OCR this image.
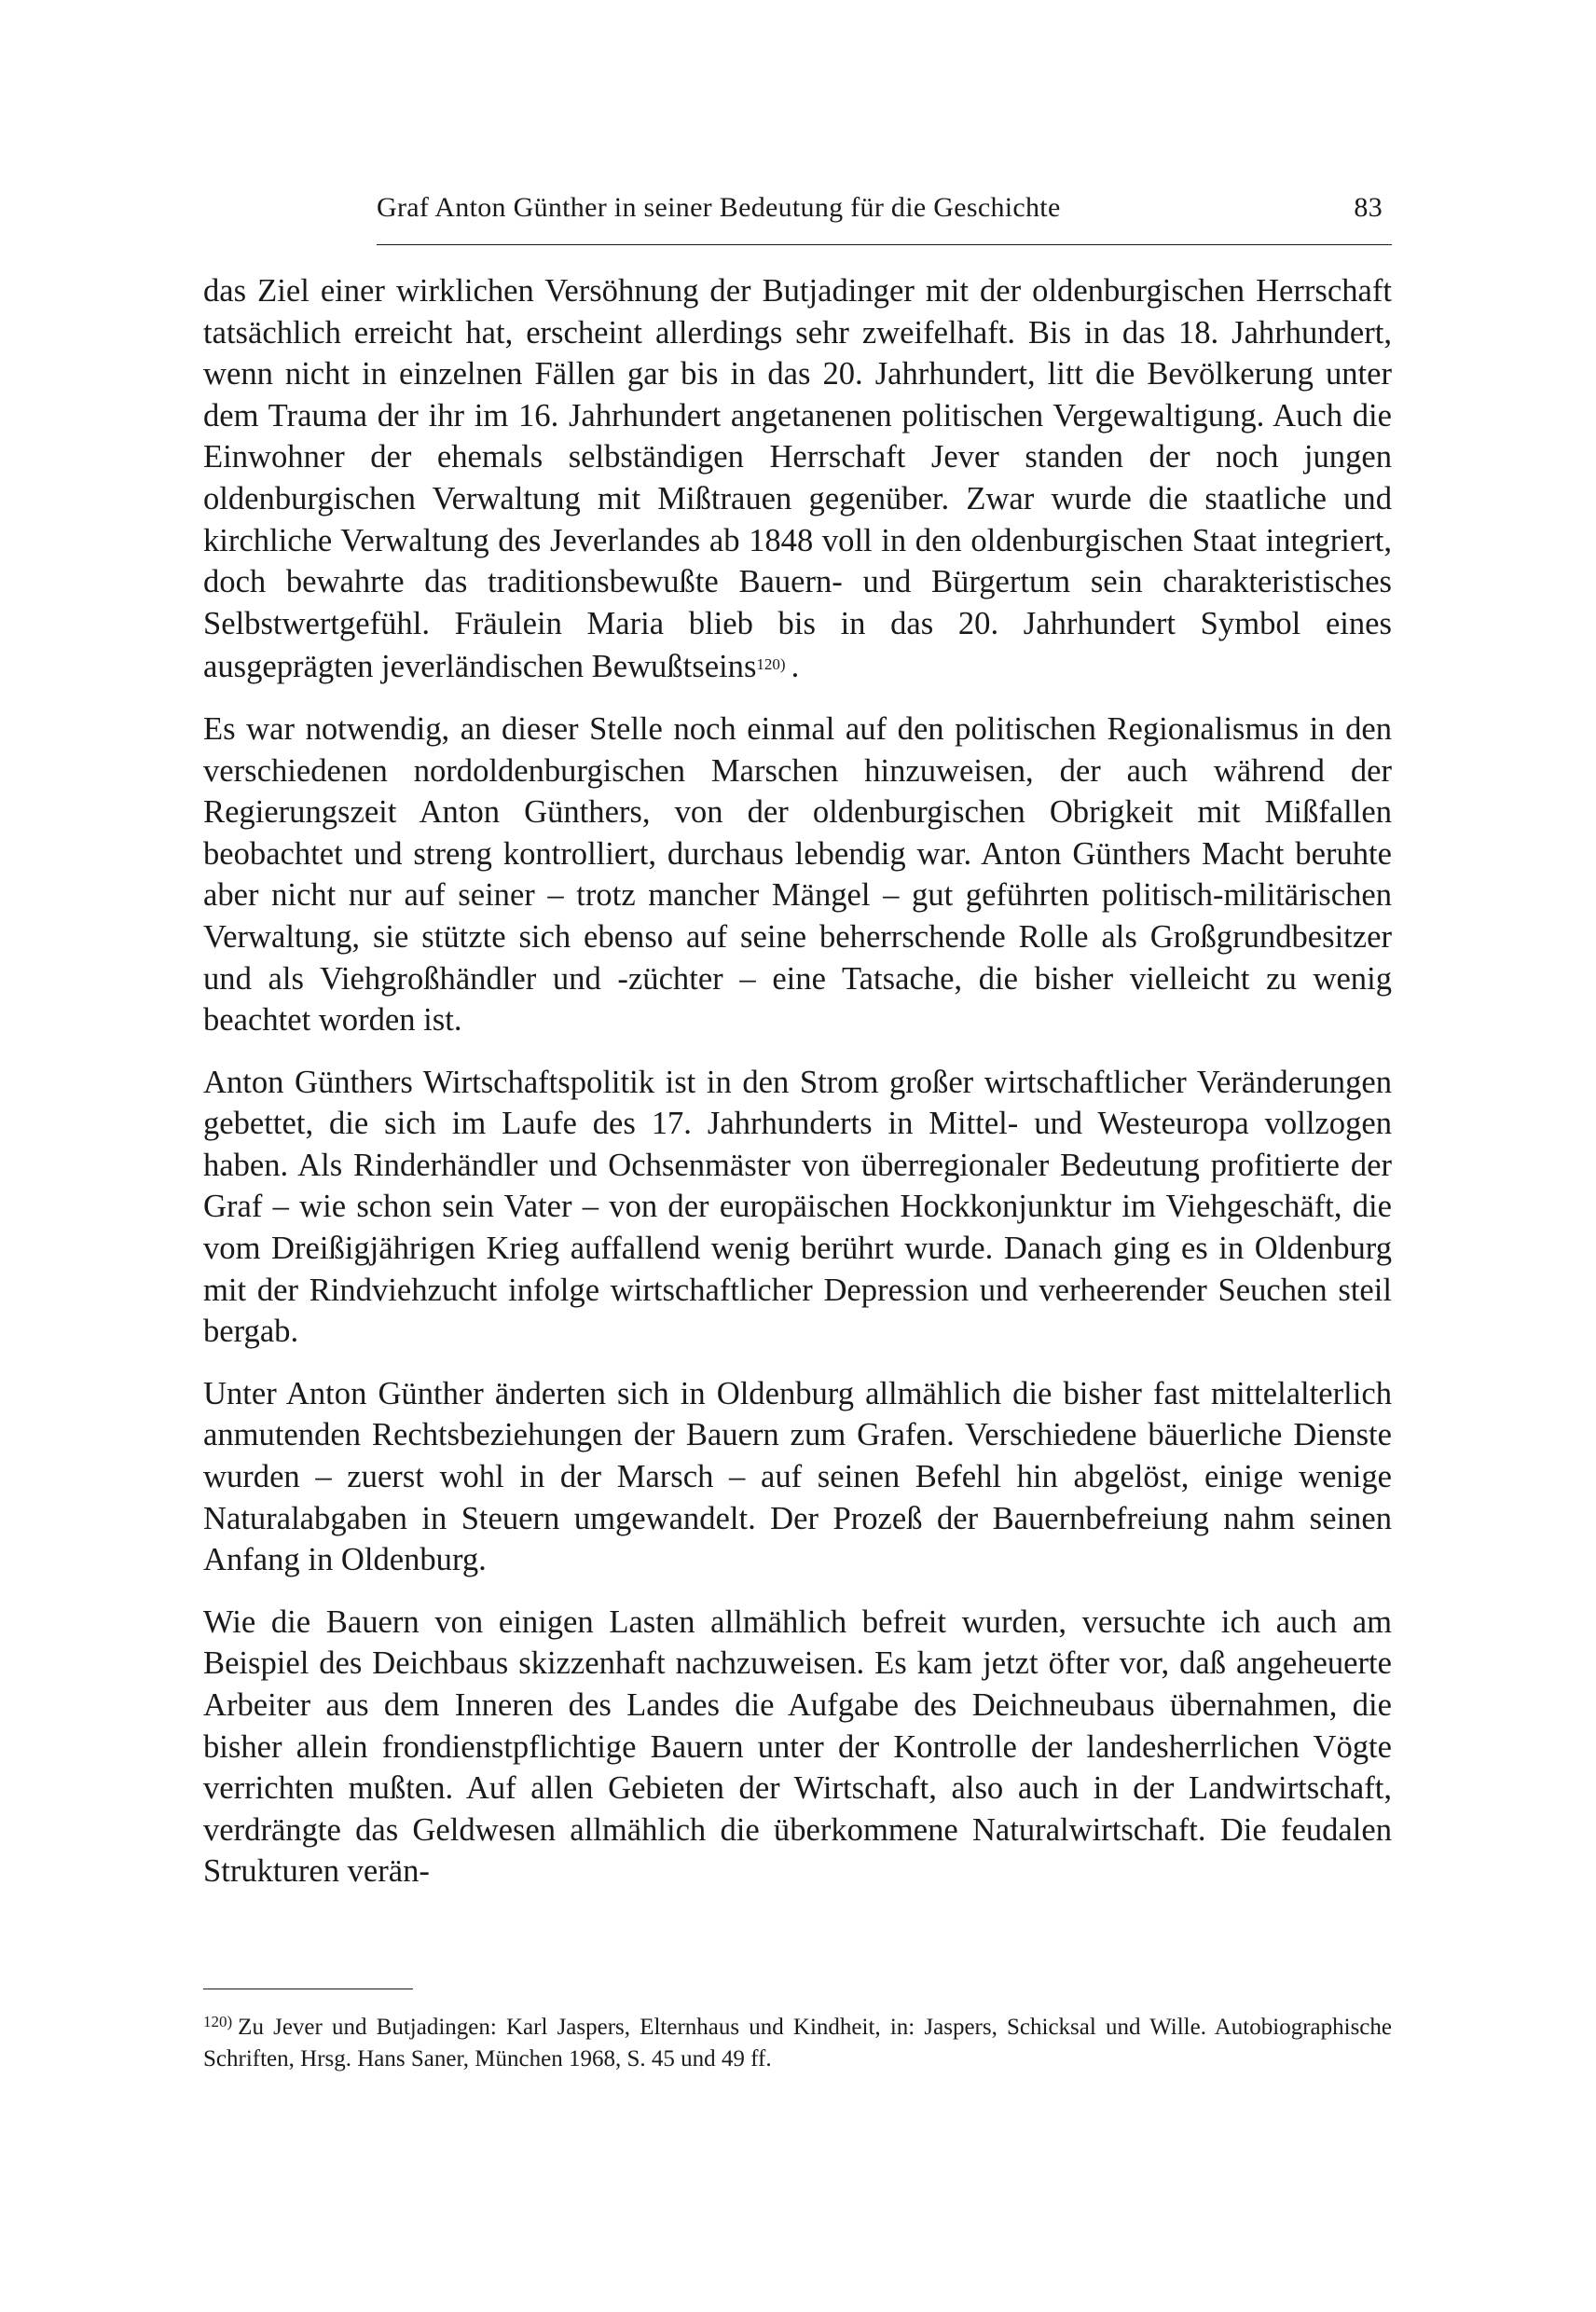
Graf Anton Günther in seiner Bedeutung für die Geschichte	83

das Ziel einer wirklichen Versöhnung der Butjadinger mit der oldenburgischen Herrschaft tatsächlich erreicht hat, erscheint allerdings sehr zweifelhaft. Bis in das 18. Jahrhundert, wenn nicht in einzelnen Fällen gar bis in das 20. Jahrhundert, litt die Bevölkerung unter dem Trauma der ihr im 16. Jahrhundert angetanenen politischen Vergewaltigung. Auch die Einwohner der ehemals selbständigen Herrschaft Jever standen der noch jungen oldenburgischen Verwaltung mit Mißtrauen gegenüber. Zwar wurde die staatliche und kirchliche Verwaltung des Jeverlandes ab 1848 voll in den oldenburgischen Staat integriert, doch bewahrte das traditionsbewußte Bauern- und Bürgertum sein charakteristisches Selbstwertgefühl. Fräulein Maria blieb bis in das 20. Jahrhundert Symbol eines ausgeprägten jeverländischen Bewußtseins$^{120)}$ .

Es war notwendig, an dieser Stelle noch einmal auf den politischen Regionalismus in den verschiedenen nordoldenburgischen Marschen hinzuweisen, der auch während der Regierungszeit Anton Günthers, von der oldenburgischen Obrigkeit mit Mißfallen beobachtet und streng kontrolliert, durchaus lebendig war. Anton Günthers Macht beruhte aber nicht nur auf seiner – trotz mancher Mängel – gut geführten politisch-militärischen Verwaltung, sie stützte sich ebenso auf seine beherrschende Rolle als Großgrundbesitzer und als Viehgroßhändler und -züchter – eine Tatsache, die bisher vielleicht zu wenig beachtet worden ist.

Anton Günthers Wirtschaftspolitik ist in den Strom großer wirtschaftlicher Veränderungen gebettet, die sich im Laufe des 17. Jahrhunderts in Mittel- und Westeuropa vollzogen haben. Als Rinderhändler und Ochsenmäster von überregionaler Bedeutung profitierte der Graf – wie schon sein Vater – von der europäischen Hockkonjunktur im Viehgeschäft, die vom Dreißigjährigen Krieg auffallend wenig berührt wurde. Danach ging es in Oldenburg mit der Rindviehzucht infolge wirtschaftlicher Depression und verheerender Seuchen steil bergab.

Unter Anton Günther änderten sich in Oldenburg allmählich die bisher fast mittelalterlich anmutenden Rechtsbeziehungen der Bauern zum Grafen. Verschiedene bäuerliche Dienste wurden – zuerst wohl in der Marsch – auf seinen Befehl hin abgelöst, einige wenige Naturalabgaben in Steuern umgewandelt. Der Prozeß der Bauernbefreiung nahm seinen Anfang in Oldenburg.

Wie die Bauern von einigen Lasten allmählich befreit wurden, versuchte ich auch am Beispiel des Deichbaus skizzenhaft nachzuweisen. Es kam jetzt öfter vor, daß angeheuerte Arbeiter aus dem Inneren des Landes die Aufgabe des Deichneubaus übernahmen, die bisher allein frondienstpflichtige Bauern unter der Kontrolle der landesherrlichen Vögte verrichten mußten. Auf allen Gebieten der Wirtschaft, also auch in der Landwirtschaft, verdrängte das Geldwesen allmählich die überkommene Naturalwirtschaft. Die feudalen Strukturen verän-

$^{120)}$ Zu Jever und Butjadingen: Karl Jaspers, Elternhaus und Kindheit, in: Jaspers, Schicksal und Wille. Autobiographische Schriften, Hrsg. Hans Saner, München 1968, S. 45 und 49 ff.
